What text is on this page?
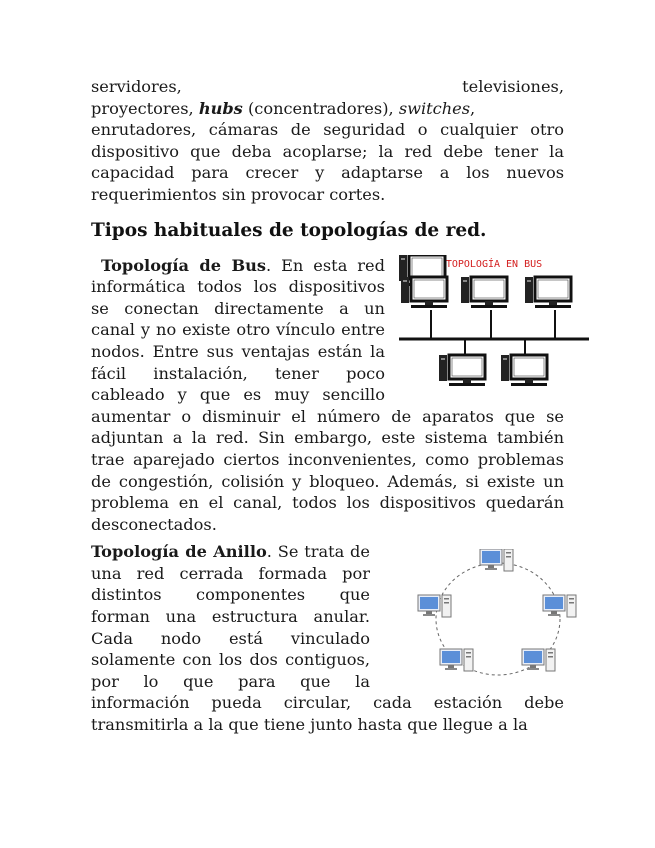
servidores,	televisiones,
proyectores, hubs (concentradores), switches,

enrutadores, cámaras de seguridad o cualquier otro dispositivo que deba acoplarse; la red debe tener la capacidad para crecer y adaptarse a los nuevos requerimientos sin provocar cortes.

Tipos habituales de topologías de red.
TOPOLOGÍA EN BUS

Topología de Bus. En esta red informática todos los dispositivos se conectan directamente a un canal y no existe otro vínculo entre nodos. Entre sus ventajas están la fácil instalación, tener poco cableado y que es muy sencillo aumentar o disminuir el número de aparatos que se adjuntan a la red. Sin embargo, este sistema también trae aparejado ciertos inconvenientes, como problemas de congestión, colisión y bloqueo. Además, si existe un problema en el canal, todos los dispositivos quedarán desconectados.

Topología de Anillo. Se trata de una red cerrada formada por distintos componentes que forman una estructura anular. Cada nodo está vinculado solamente con los dos contiguos, por lo que para que la información pueda circular, cada estación debe transmitirla a la que tiene junto hasta que llegue a la
